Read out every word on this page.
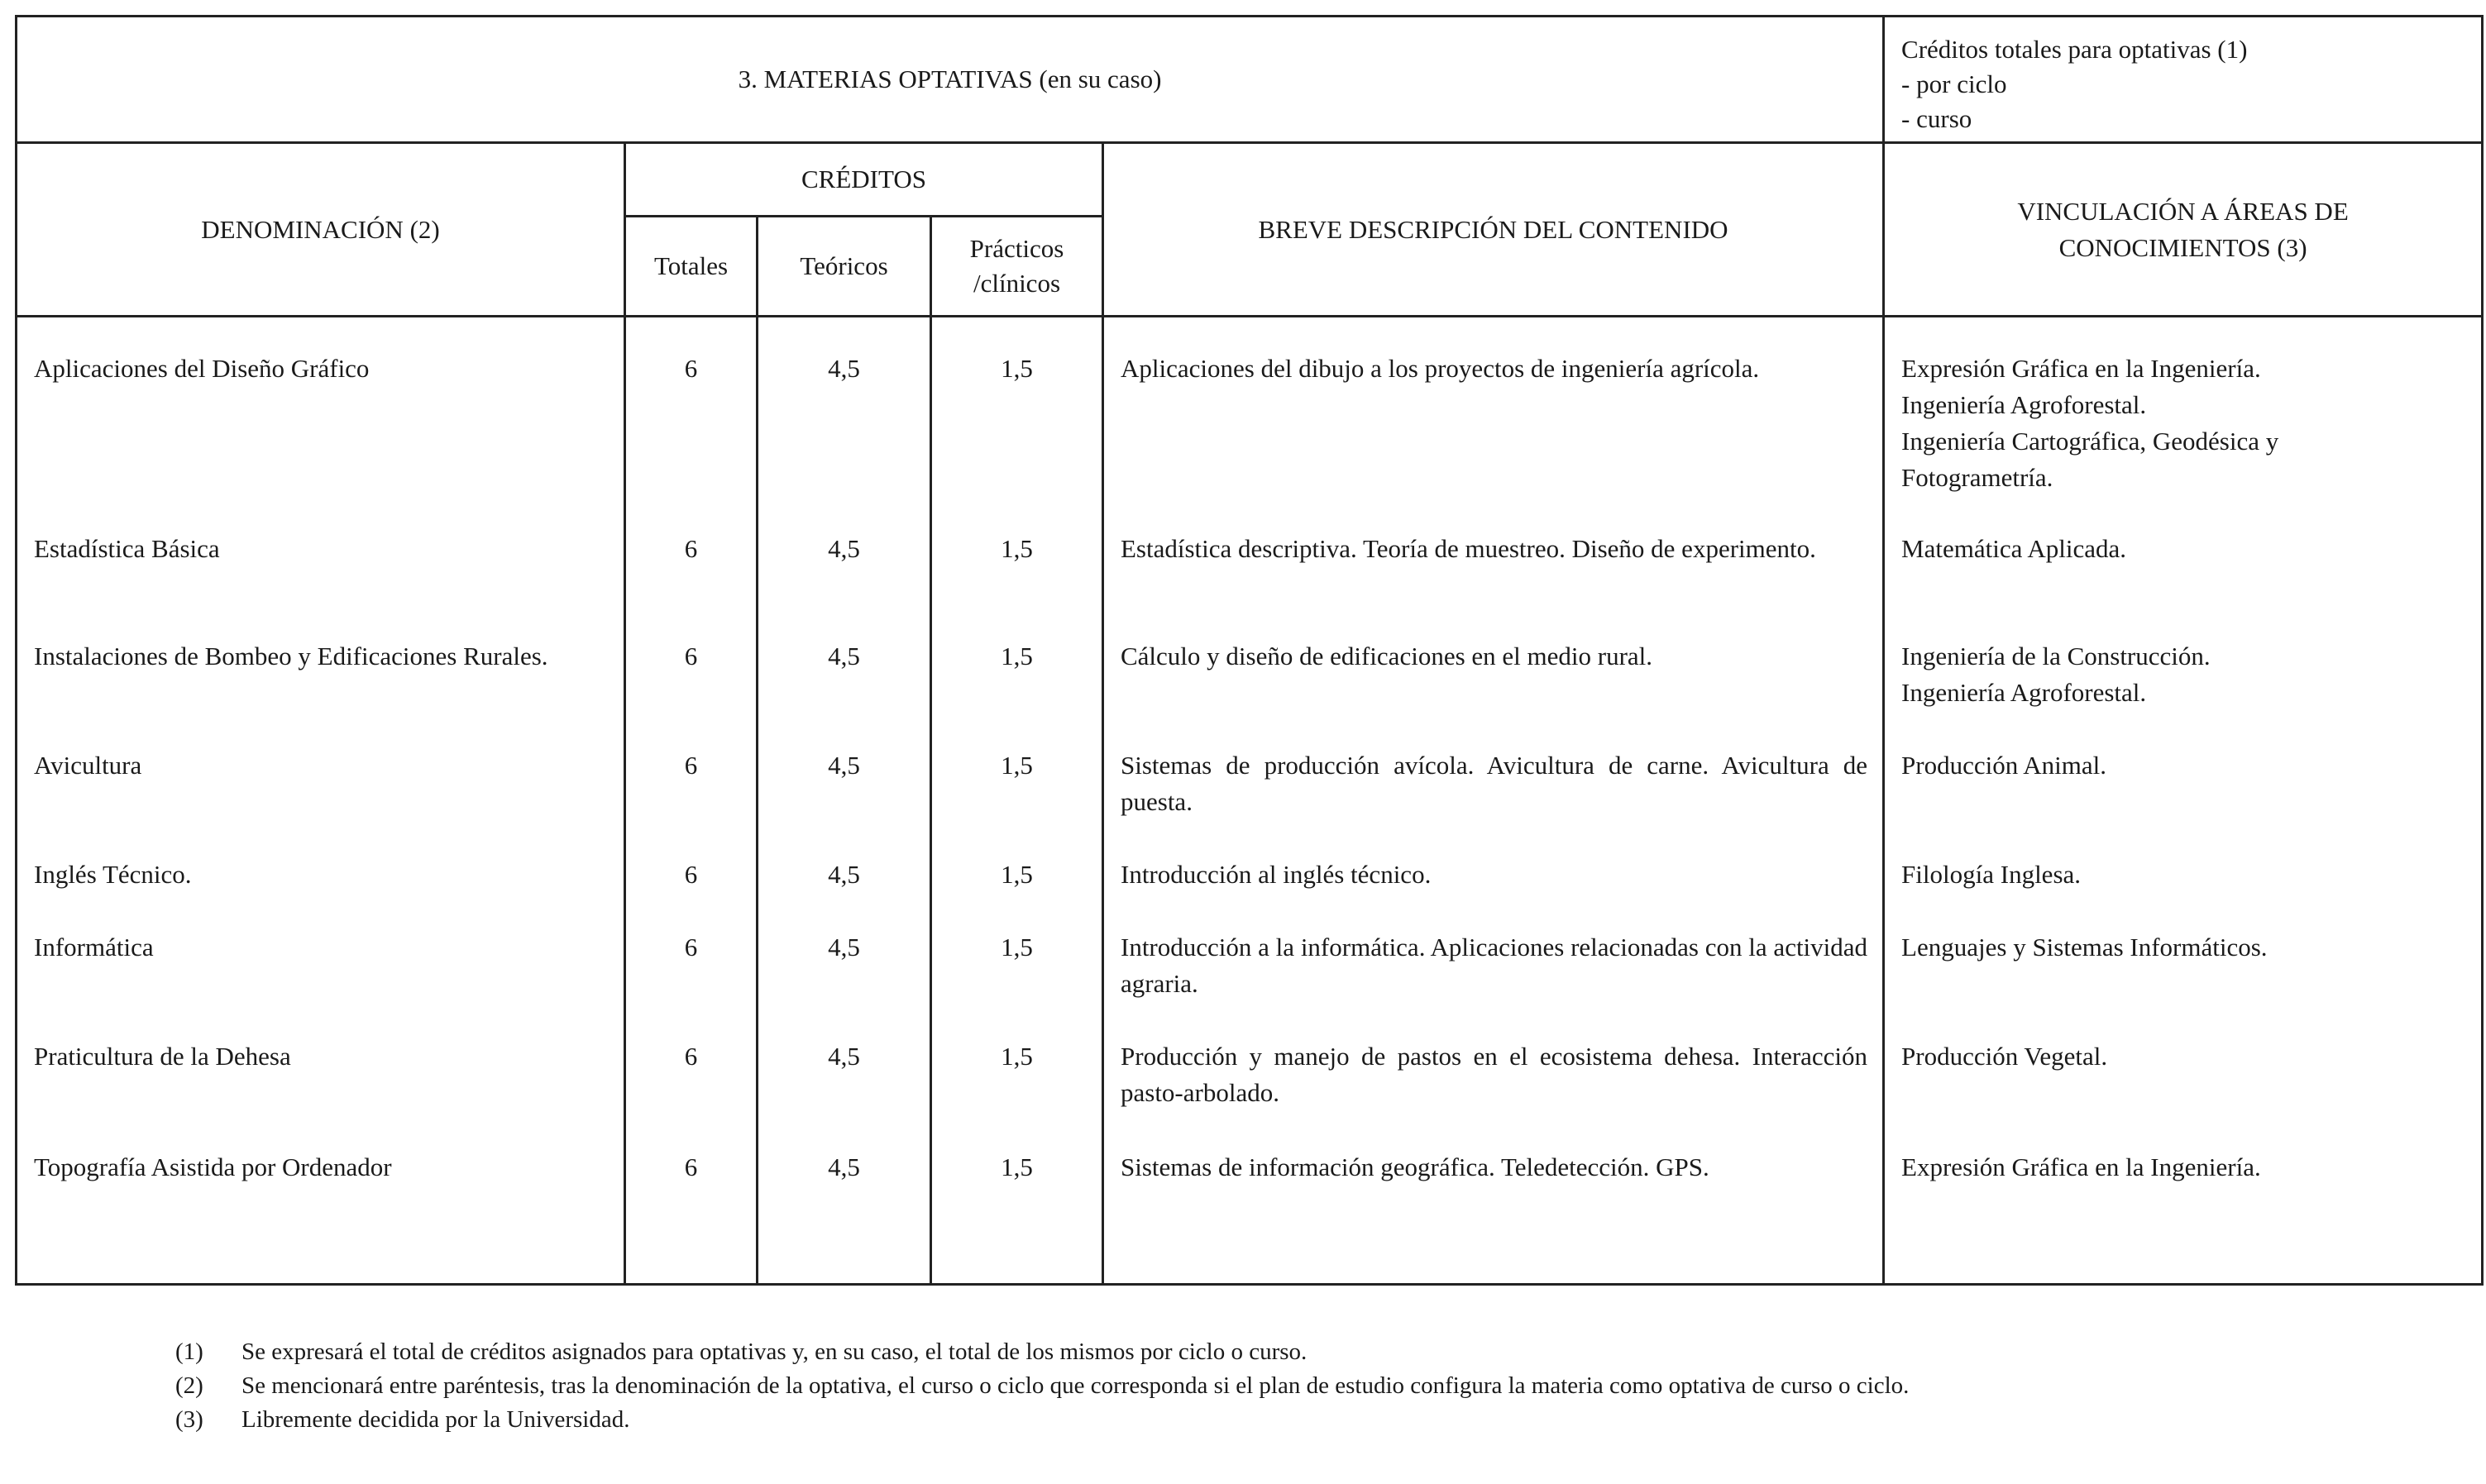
3. MATERIAS OPTATIVAS (en su caso)					Créditos totales para optativas (1)
- por ciclo
- curso

DENOMINACIÓN (2)	CRÉDITOS			BREVE DESCRIPCIÓN DEL CONTENIDO	VINCULACIÓN A ÁREAS DE
CONOCIMIENTOS (3)

	Totales	Teóricos	Prácticos
/clínicos		

Aplicaciones del Diseño Gráfico	6	4,5	1,5	Aplicaciones del dibujo a los proyectos de ingeniería agrícola.	Expresión Gráfica en la Ingeniería.
Ingeniería Agroforestal.
Ingeniería Cartográfica, Geodésica y
Fotogrametría.

Estadística Básica	6	4,5	1,5	Estadística descriptiva. Teoría de muestreo. Diseño de experimento.	Matemática Aplicada.

Instalaciones de Bombeo y Edificaciones Rurales.	6	4,5	1,5	Cálculo y diseño de edificaciones en el medio rural.	Ingeniería de la Construcción.
Ingeniería Agroforestal.

Avicultura	6	4,5	1,5	Sistemas de producción avícola. Avicultura de carne. Avicultura de puesta.	Producción Animal.

Inglés Técnico.	6	4,5	1,5	Introducción al inglés técnico.	Filología Inglesa.

Informática	6	4,5	1,5	Introducción a la informática. Aplicaciones relacionadas con la actividad agraria.	Lenguajes y Sistemas Informáticos.

Praticultura de la Dehesa	6	4,5	1,5	Producción y manejo de pastos en el ecosistema dehesa. Interacción pasto-arbolado.	Producción Vegetal.

Topografía Asistida por Ordenador	6	4,5	1,5	Sistemas de información geográfica. Teledetección. GPS.	Expresión Gráfica en la Ingeniería.
(1)	Se expresará el total de créditos asignados para optativas y, en su caso, el total de los mismos por ciclo o curso.
(2)	Se mencionará entre paréntesis, tras la denominación de la optativa, el curso o ciclo que corresponda si el plan de estudio configura la materia como optativa de curso o ciclo.
(3)	Libremente decidida por la Universidad.
